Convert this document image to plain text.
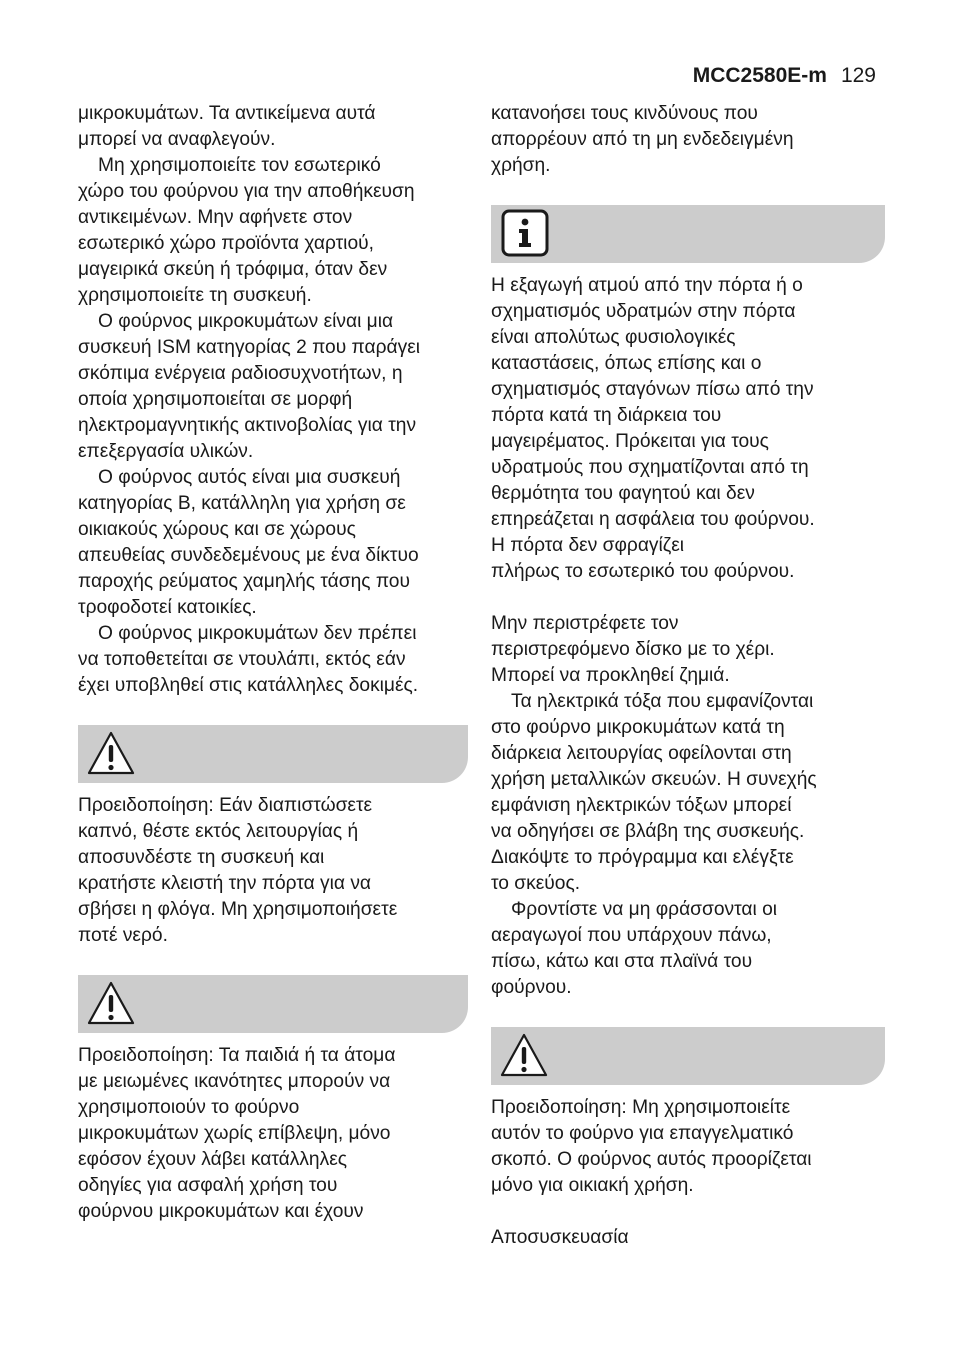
MCC2580E-m 129

μικροκυμάτων. Τα αντικείμενα αυτά
μπορεί να αναφλεγούν.

Μη χρησιμοποιείτε τον εσωτερικό
χώρο του φούρνου για την αποθήκευση
αντικειμένων. Μην αφήνετε στον
εσωτερικό χώρο προϊόντα χαρτιού,
μαγειρικά σκεύη ή τρόφιμα, όταν δεν
χρησιμοποιείτε τη συσκευή.

Ο φούρνος μικροκυμάτων είναι μια
συσκευή ISM κατηγορίας 2 που παράγει
σκόπιμα ενέργεια ραδιοσυχνοτήτων, η
οποία χρησιμοποιείται σε μορφή
ηλεκτρομαγνητικής ακτινοβολίας για την
επεξεργασία υλικών.

Ο φούρνος αυτός είναι μια συσκευή
κατηγορίας B, κατάλληλη για χρήση σε
οικιακούς χώρους και σε χώρους
απευθείας συνδεδεμένους με ένα δίκτυο
παροχής ρεύματος χαμηλής τάσης που
τροφοδοτεί κατοικίες.

Ο φούρνος μικροκυμάτων δεν πρέπει
να τοποθετείται σε ντουλάπι, εκτός εάν
έχει υποβληθεί στις κατάλληλες δοκιμές.

Προειδοποίηση: Εάν διαπιστώσετε
καπνό, θέστε εκτός λειτουργίας ή
αποσυνδέστε τη συσκευή και
κρατήστε κλειστή την πόρτα για να
σβήσει η φλόγα. Μη χρησιμοποιήσετε
ποτέ νερό.

Προειδοποίηση: Τα παιδιά ή τα άτομα
με μειωμένες ικανότητες μπορούν να
χρησιμοποιούν το φούρνο
μικροκυμάτων χωρίς επίβλεψη, μόνο
εφόσον έχουν λάβει κατάλληλες
οδηγίες για ασφαλή χρήση του
φούρνου μικροκυμάτων και έχουν

κατανοήσει τους κινδύνους που
απορρέουν από τη μη ενδεδειγμένη
χρήση.

Η εξαγωγή ατμού από την πόρτα ή ο
σχηματισμός υδρατμών στην πόρτα
είναι απολύτως φυσιολογικές
καταστάσεις, όπως επίσης και ο
σχηματισμός σταγόνων πίσω από την
πόρτα κατά τη διάρκεια του
μαγειρέματος. Πρόκειται για τους
υδρατμούς που σχηματίζονται από τη
θερμότητα του φαγητού και δεν
επηρεάζεται η ασφάλεια του φούρνου.
Η πόρτα δεν σφραγίζει
πλήρως το εσωτερικό του φούρνου.

Μην περιστρέφετε τον
περιστρεφόμενο δίσκο με το χέρι.
Μπορεί να προκληθεί ζημιά.

Τα ηλεκτρικά τόξα που εμφανίζονται
στο φούρνο μικροκυμάτων κατά τη
διάρκεια λειτουργίας οφείλονται στη
χρήση μεταλλικών σκευών. Η συνεχής
εμφάνιση ηλεκτρικών τόξων μπορεί
να οδηγήσει σε βλάβη της συσκευής.
Διακόψτε το πρόγραμμα και ελέγξτε
το σκεύος.

Φροντίστε να μη φράσσονται οι
αεραγωγοί που υπάρχουν πάνω,
πίσω, κάτω και στα πλαϊνά του
φούρνου.

Προειδοποίηση: Μη χρησιμοποιείτε
αυτόν το φούρνο για επαγγελματικό
σκοπό. Ο φούρνος αυτός προορίζεται
μόνο για οικιακή χρήση.

Αποσυσκευασία
